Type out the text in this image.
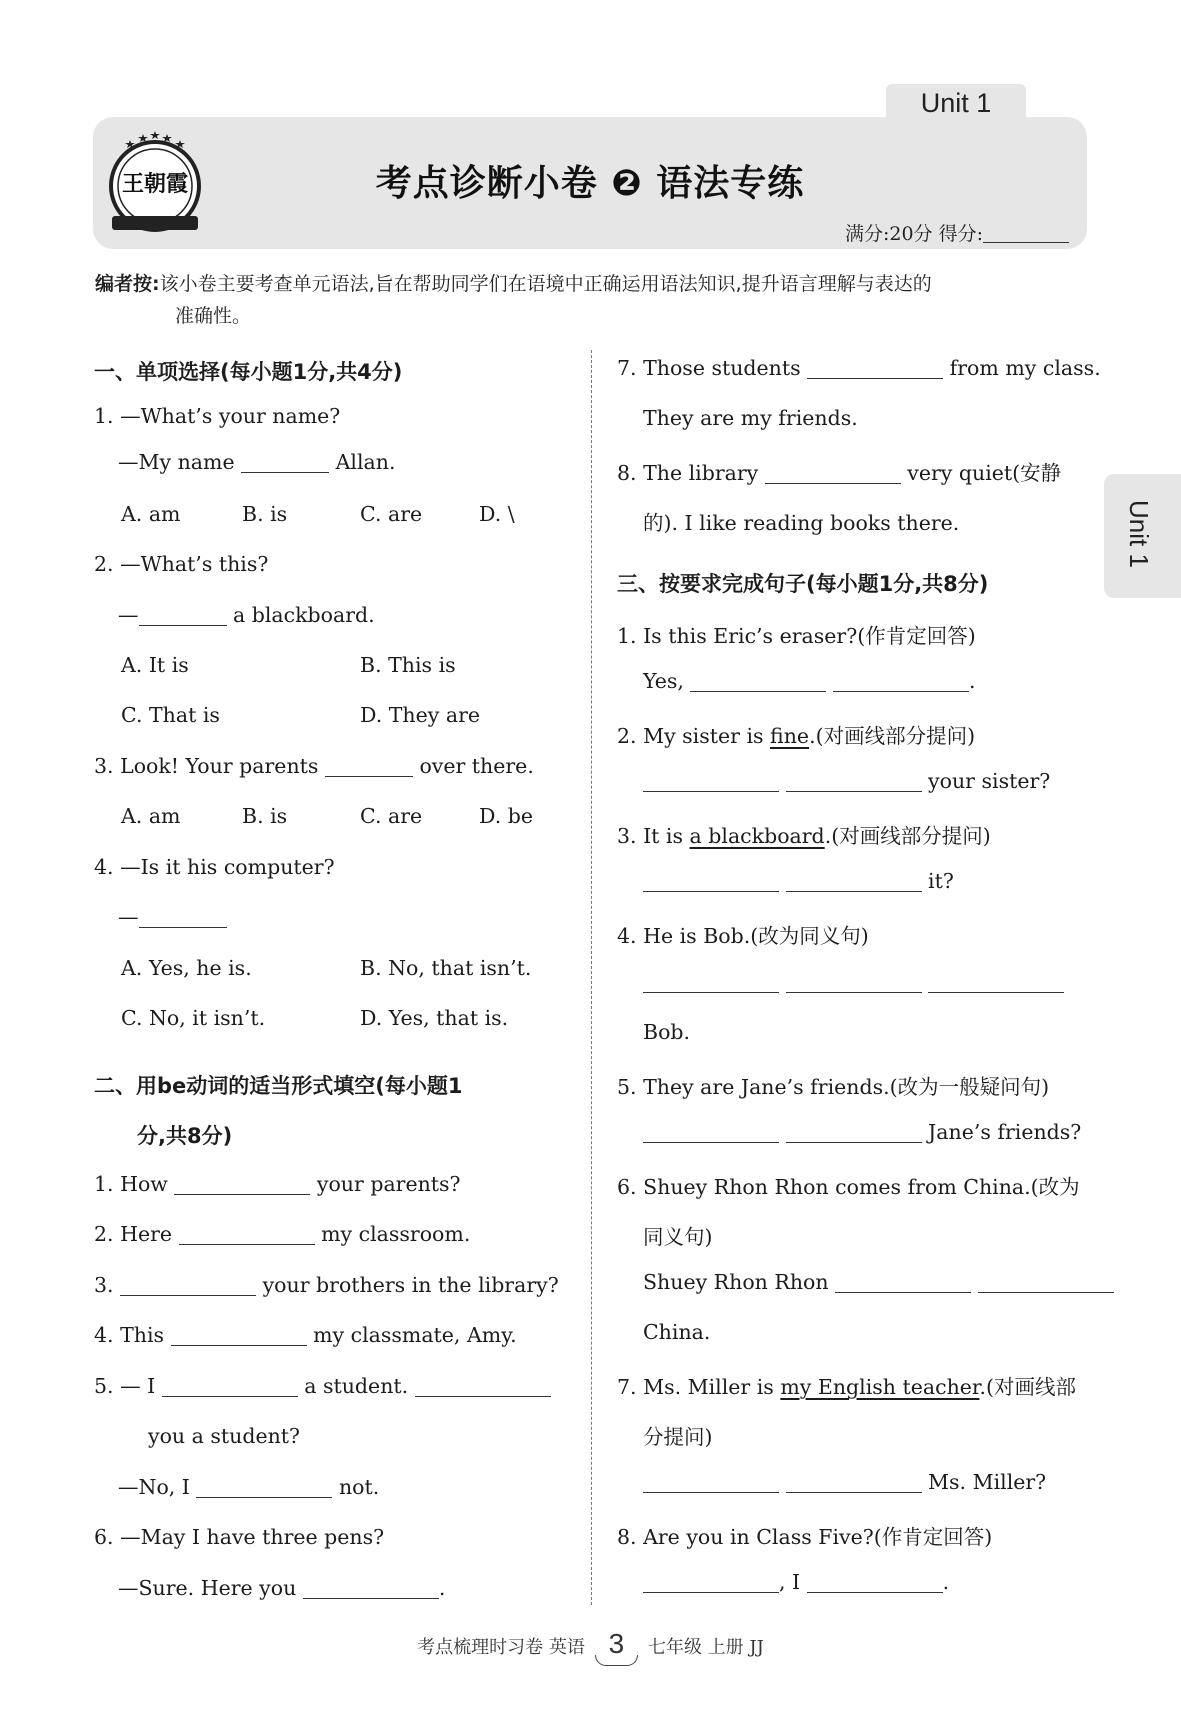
Unit 1
考点诊断小卷 ❷ 语法专练
满分:20分 得分:
王朝霞
编者按:该小卷主要考查单元语法,旨在帮助同学们在语境中正确运用语法知识,提升语言理解与表达的
准确性。
一、单项选择(每小题1分,共4分)
1. —What’s your name?
—My name	Allan.
A. am	B. is	C. are	D. \
2. —What’s this?
—	a blackboard.
A. It is	B. This is
C. That is	D. They are
3. Look! Your parents	over there.
A. am	B. is	C. are	D. be
4. —Is it his computer?
—
A. Yes, he is.	B. No, that isn’t.
C. No, it isn’t.	D. Yes, that is.
二、用be动词的适当形式填空(每小题1
分,共8分)
1. How	your parents?
2. Here	my classroom.
3.	your brothers in the library?
4. This	my classmate, Amy.
5. — I	a student.
you a student?
—No, I	not.
6. —May I have three pens?
—Sure. Here you	.
7. Those students	from my class.
They are my friends.
8. The library	very quiet(安静
的). I like reading books there.
三、按要求完成句子(每小题1分,共8分)
1. Is this Eric’s eraser?(作肯定回答)
Yes,	.
2. My sister is fine.(对画线部分提问)
your sister?
3. It is a blackboard.(对画线部分提问)
it?
4. He is Bob.(改为同义句)

Bob.
5. They are Jane’s friends.(改为一般疑问句)
Jane’s friends?
6. Shuey Rhon Rhon comes from China.(改为
同义句)
Shuey Rhon Rhon
China.
7. Ms. Miller is my English teacher.(对画线部
分提问)
Ms. Miller?
8. Are you in Class Five?(作肯定回答)
, I	.
Unit 1
考点梳理时习卷 英语 3 七年级 上册 JJ
